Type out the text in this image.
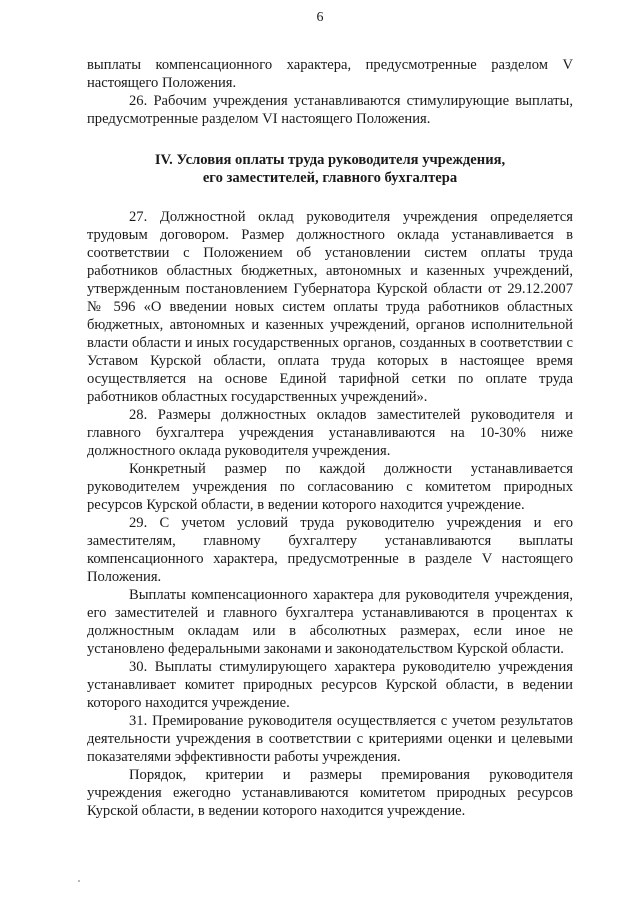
6

выплаты компенсационного характера, предусмотренные разделом V настоящего Положения.

26. Рабочим учреждения устанавливаются стимулирующие выплаты, предусмотренные разделом VI настоящего Положения.

IV. Условия оплаты труда руководителя учреждения,
его заместителей, главного бухгалтера

27. Должностной оклад руководителя учреждения определяется трудовым договором. Размер должностного оклада устанавливается в соответствии с Положением об установлении систем оплаты труда работников областных бюджетных, автономных и казенных учреждений, утвержденным постановлением Губернатора Курской области от 29.12.2007 № 596 «О введении новых систем оплаты труда работников областных бюджетных, автономных и казенных учреждений, органов исполнительной власти области и иных государственных органов, созданных в соответствии с Уставом Курской области, оплата труда которых в настоящее время осуществляется на основе Единой тарифной сетки по оплате труда работников областных государственных учреждений».

28. Размеры должностных окладов заместителей руководителя и главного бухгалтера учреждения устанавливаются на 10-30% ниже должностного оклада руководителя учреждения.

Конкретный размер по каждой должности устанавливается руководителем учреждения по согласованию с комитетом природных ресурсов Курской области, в ведении которого находится учреждение.

29. С учетом условий труда руководителю учреждения и его заместителям, главному бухгалтеру устанавливаются выплаты компенсационного характера, предусмотренные в разделе V настоящего Положения.

Выплаты компенсационного характера для руководителя учреждения, его заместителей и главного бухгалтера устанавливаются в процентах к должностным окладам или в абсолютных размерах, если иное не установлено федеральными законами и законодательством Курской области.

30. Выплаты стимулирующего характера руководителю учреждения устанавливает комитет природных ресурсов Курской области, в ведении которого находится учреждение.

31. Премирование руководителя осуществляется с учетом результатов деятельности учреждения в соответствии с критериями оценки и целевыми показателями эффективности работы учреждения.

Порядок, критерии и размеры премирования руководителя учреждения ежегодно устанавливаются комитетом природных ресурсов Курской области, в ведении которого находится учреждение.
